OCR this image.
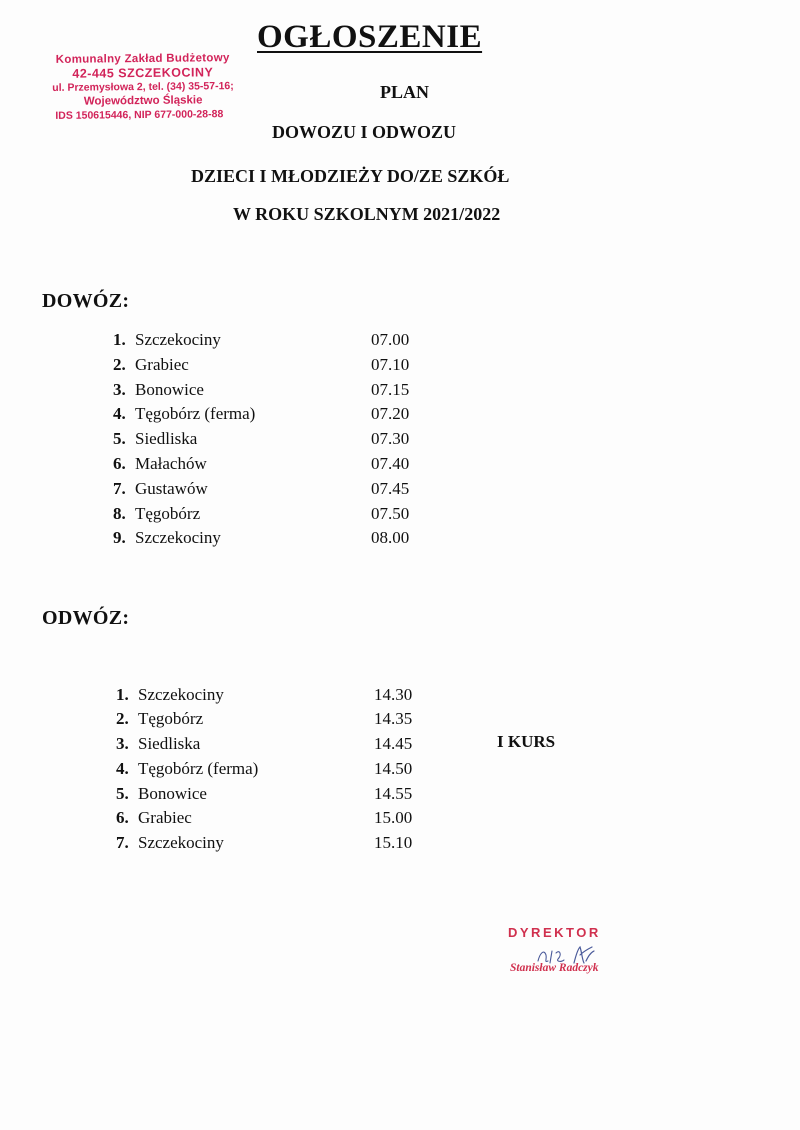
Komunalny Zakład Budżetowy
42-445 SZCZEKOCINY
ul. Przemysłowa 2, tel. (34) 35-57-16;
Województwo Śląskie
IDS 150615446, NIP 677-000-28-88
OGŁOSZENIE
PLAN
DOWOZU I ODWOZU
DZIECI I MŁODZIEŻY DO/ZE SZKÓŁ
W ROKU SZKOLNYM 2021/2022
DOWÓZ:
1. Szczekociny	07.00
2. Grabiec	07.10
3. Bonowice	07.15
4. Tęgobórz (ferma)	07.20
5. Siedliska	07.30
6. Małachów	07.40
7. Gustawów	07.45
8. Tęgobórz	07.50
9. Szczekociny	08.00
ODWÓZ:
1. Szczekociny	14.30
2. Tęgobórz	14.35
3. Siedliska	14.45
4. Tęgobórz (ferma)	14.50
5. Bonowice	14.55
6. Grabiec	15.00
7. Szczekociny	15.10
I KURS
DYREKTOR
Stanisław Radczyk
